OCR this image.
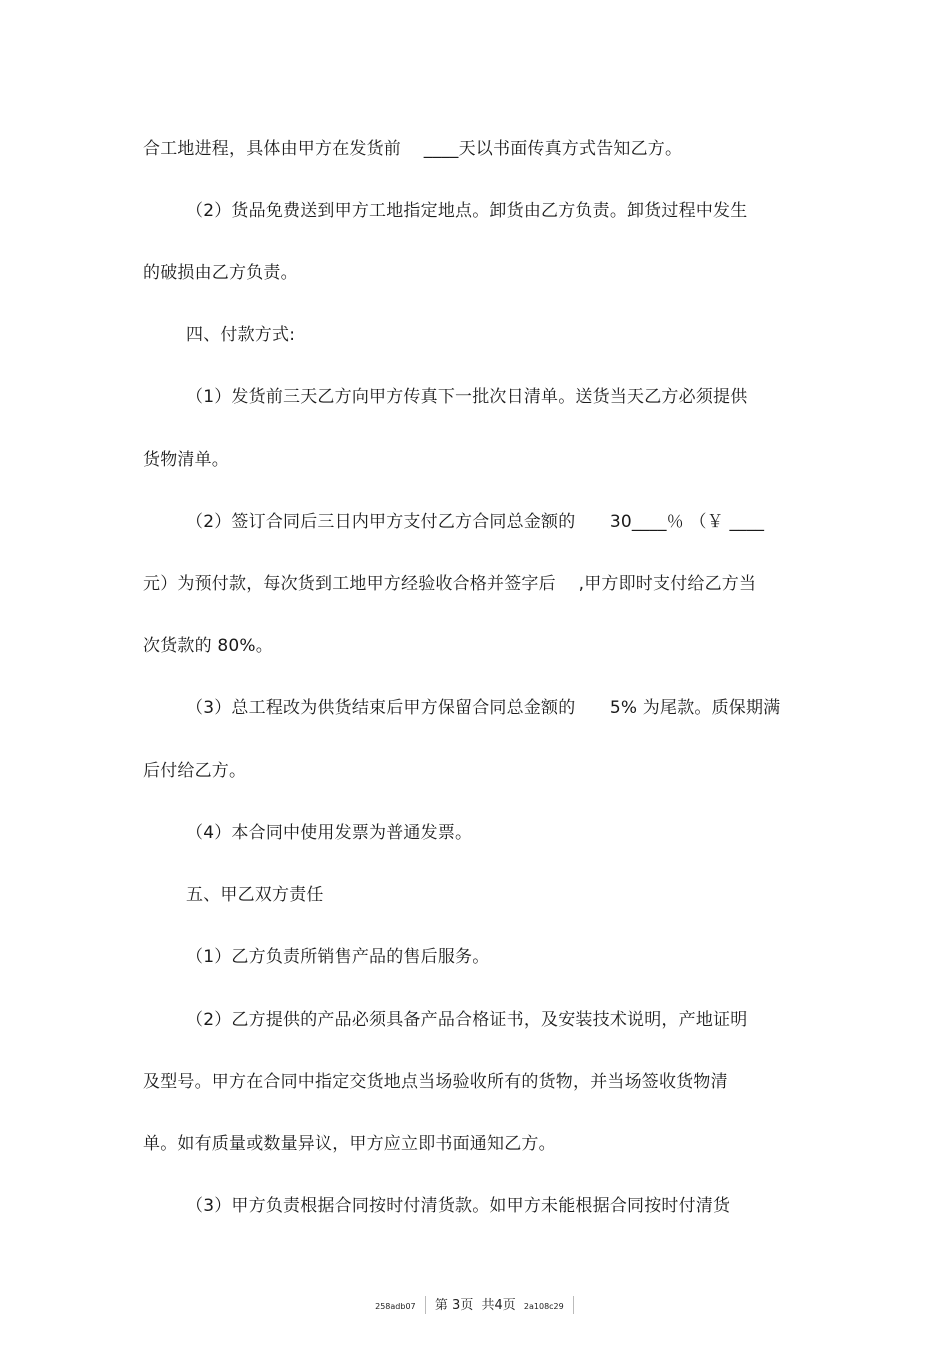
合工地进程，具体由甲方在发货前　 ____天以书面传真方式告知乙方。
（2）货品免费送到甲方工地指定地点。卸货由乙方负责。卸货过程中发生
的破损由乙方负责。
四、付款方式:
（1）发货前三天乙方向甲方传真下一批次日清单。送货当天乙方必须提供
货物清单。
（2）签订合同后三日内甲方支付乙方合同总金额的　　30____％ （￥ ____
元）为预付款，每次货到工地甲方经验收合格并签字后　 ,甲方即时支付给乙方当
次货款的 80%。
（3）总工程改为供货结束后甲方保留合同总金额的　　5% 为尾款。质保期满
后付给乙方。
（4）本合同中使用发票为普通发票。
五、甲乙双方责任
（1）乙方负责所销售产品的售后服务。
（2）乙方提供的产品必须具备产品合格证书，及安装技术说明，产地证明
及型号。甲方在合同中指定交货地点当场验收所有的货物，并当场签收货物清
单。如有质量或数量异议，甲方应立即书面通知乙方。
（3）甲方负责根据合同按时付清货款。如甲方未能根据合同按时付清货
258adb07 第 3页 共4页 2a108c29
